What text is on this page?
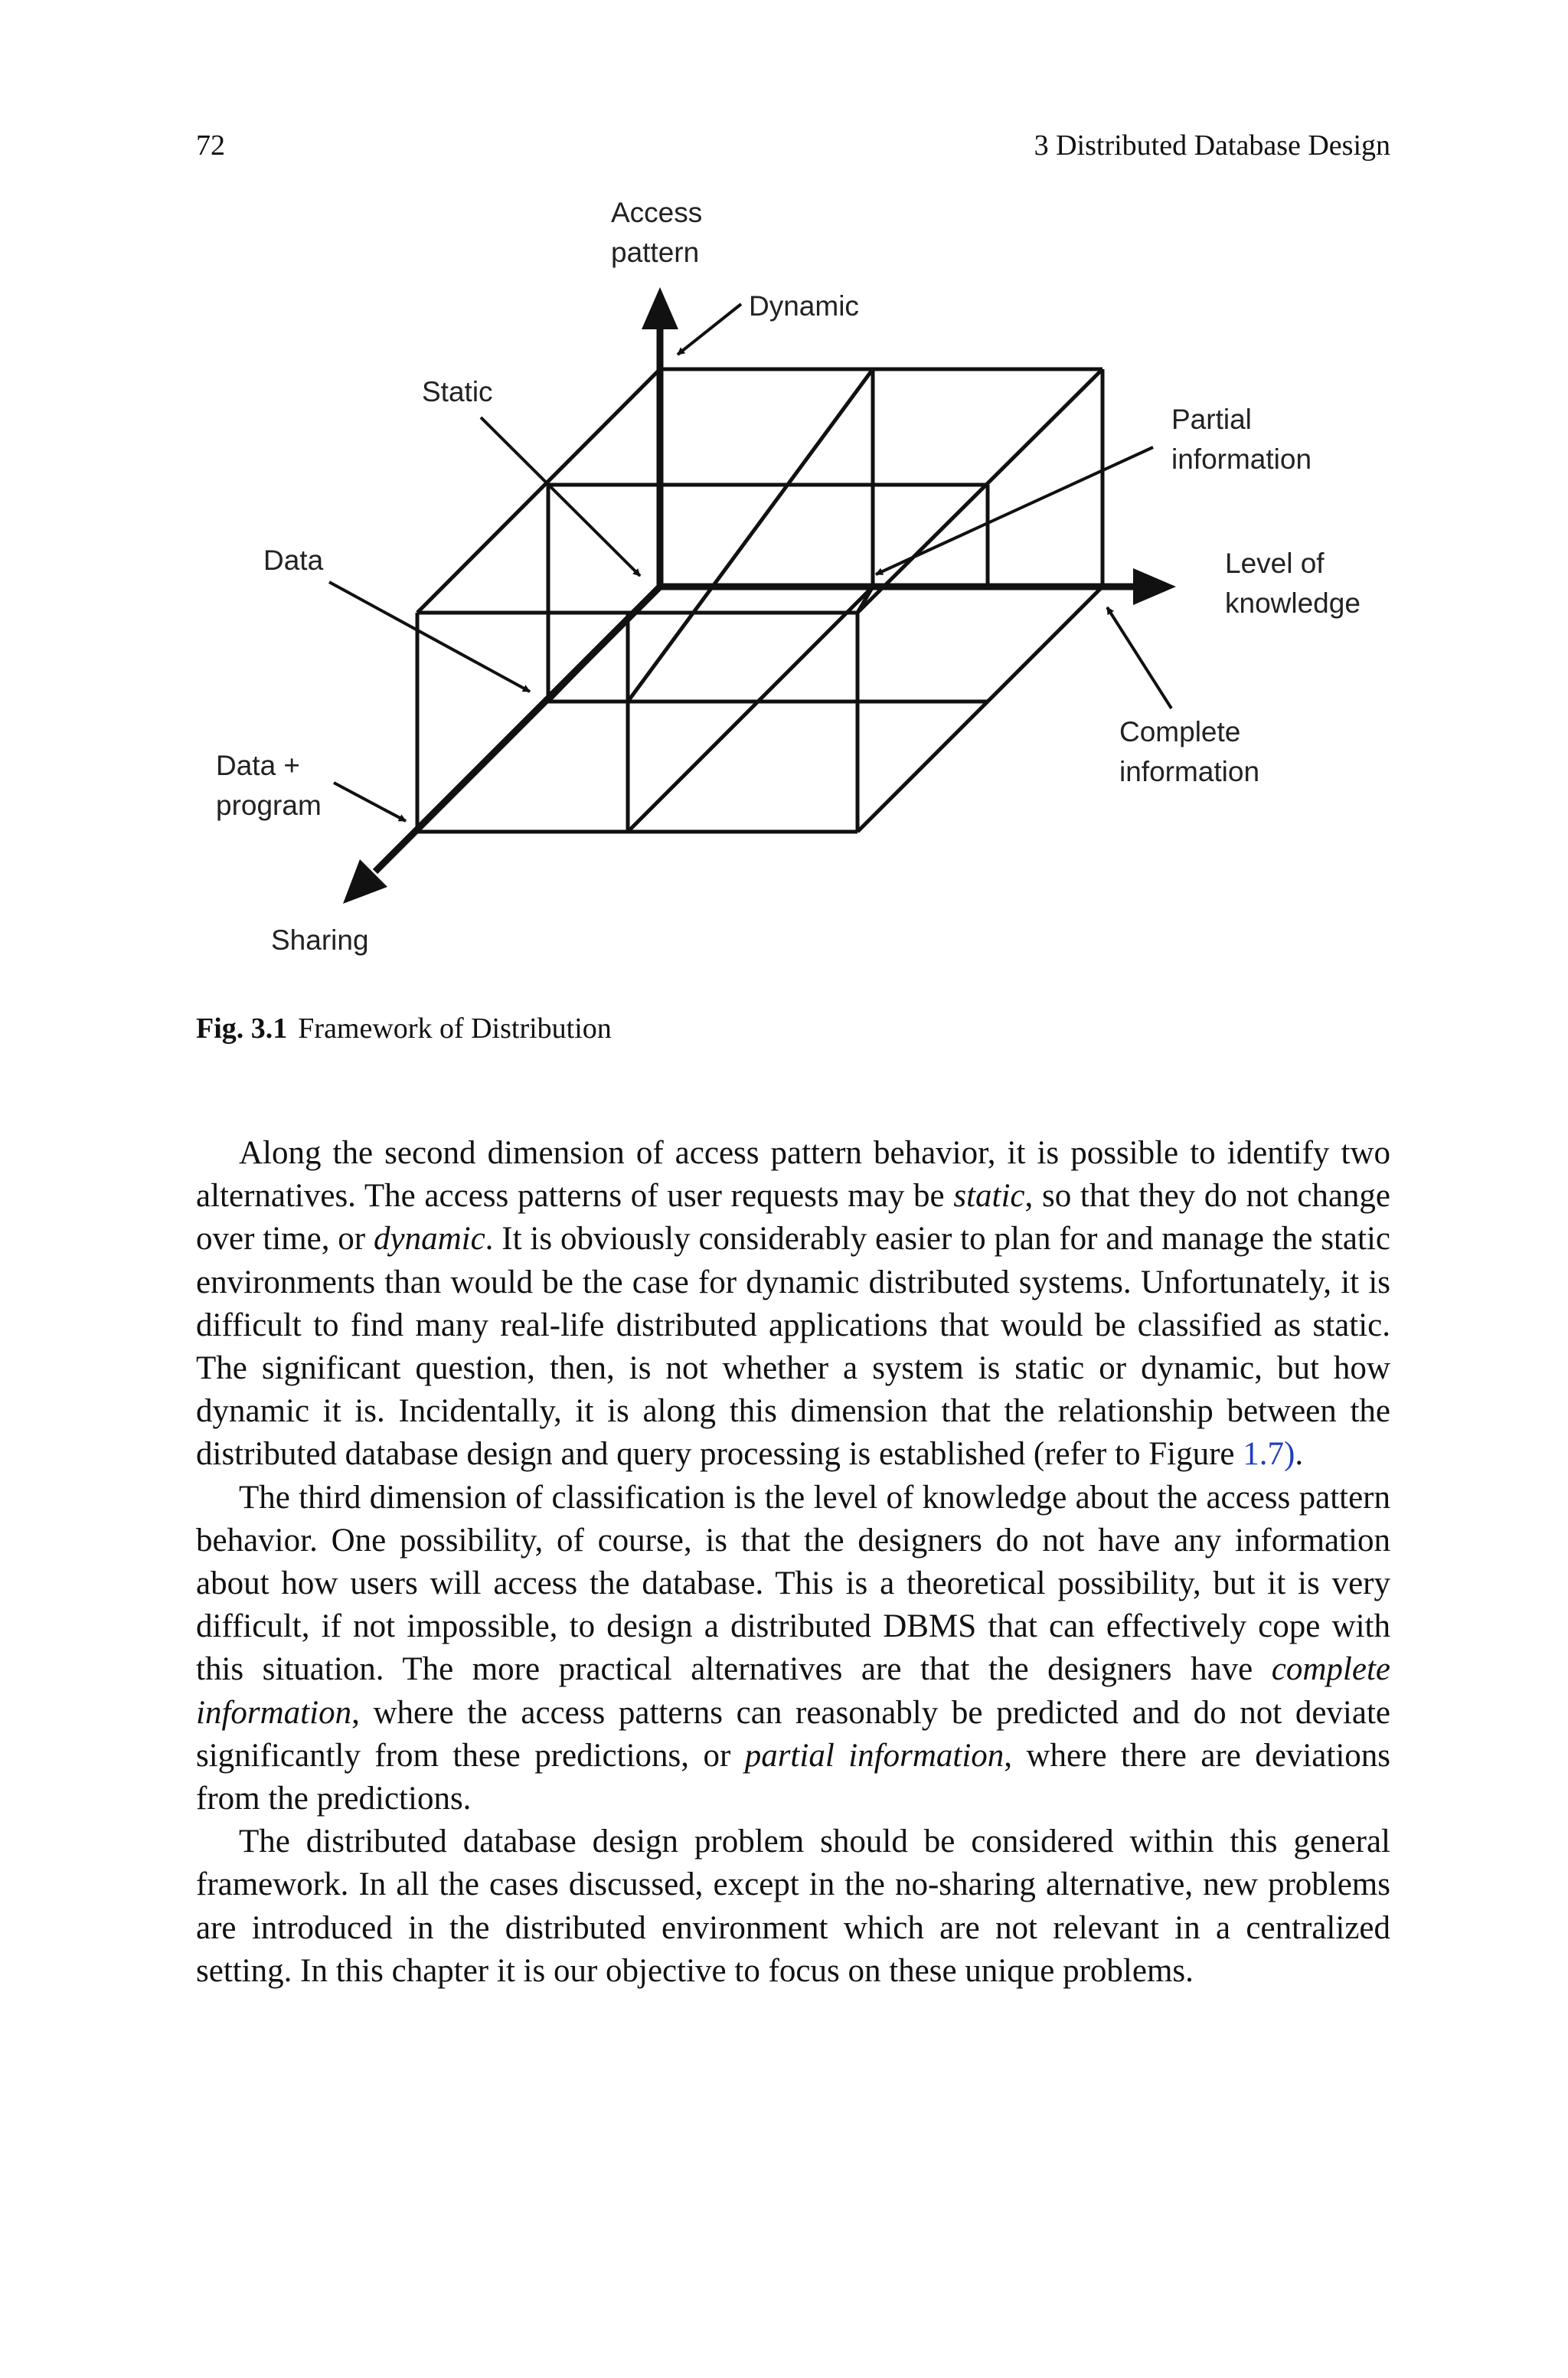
72	3 Distributed Database Design
Access
pattern
Dynamic
Static
Partial
information
Level of
knowledge
Data
Complete
information
Data +
program
Sharing
Fig. 3.1 Framework of Distribution

Along the second dimension of access pattern behavior, it is possible to identify two alternatives. The access patterns of user requests may be static, so that they do not change over time, or dynamic. It is obviously considerably easier to plan for and manage the static environments than would be the case for dynamic distributed systems. Unfortunately, it is difficult to find many real-life distributed applications that would be classified as static. The significant question, then, is not whether a system is static or dynamic, but how dynamic it is. Incidentally, it is along this dimension that the relationship between the distributed database design and query processing is established (refer to Figure 1.7).

The third dimension of classification is the level of knowledge about the access pattern behavior. One possibility, of course, is that the designers do not have any information about how users will access the database. This is a theoretical possibility, but it is very difficult, if not impossible, to design a distributed DBMS that can effectively cope with this situation. The more practical alternatives are that the designers have complete information, where the access patterns can reasonably be predicted and do not deviate significantly from these predictions, or partial information, where there are deviations from the predictions.

The distributed database design problem should be considered within this general framework. In all the cases discussed, except in the no-sharing alternative, new problems are introduced in the distributed environment which are not relevant in a centralized setting. In this chapter it is our objective to focus on these unique problems.
